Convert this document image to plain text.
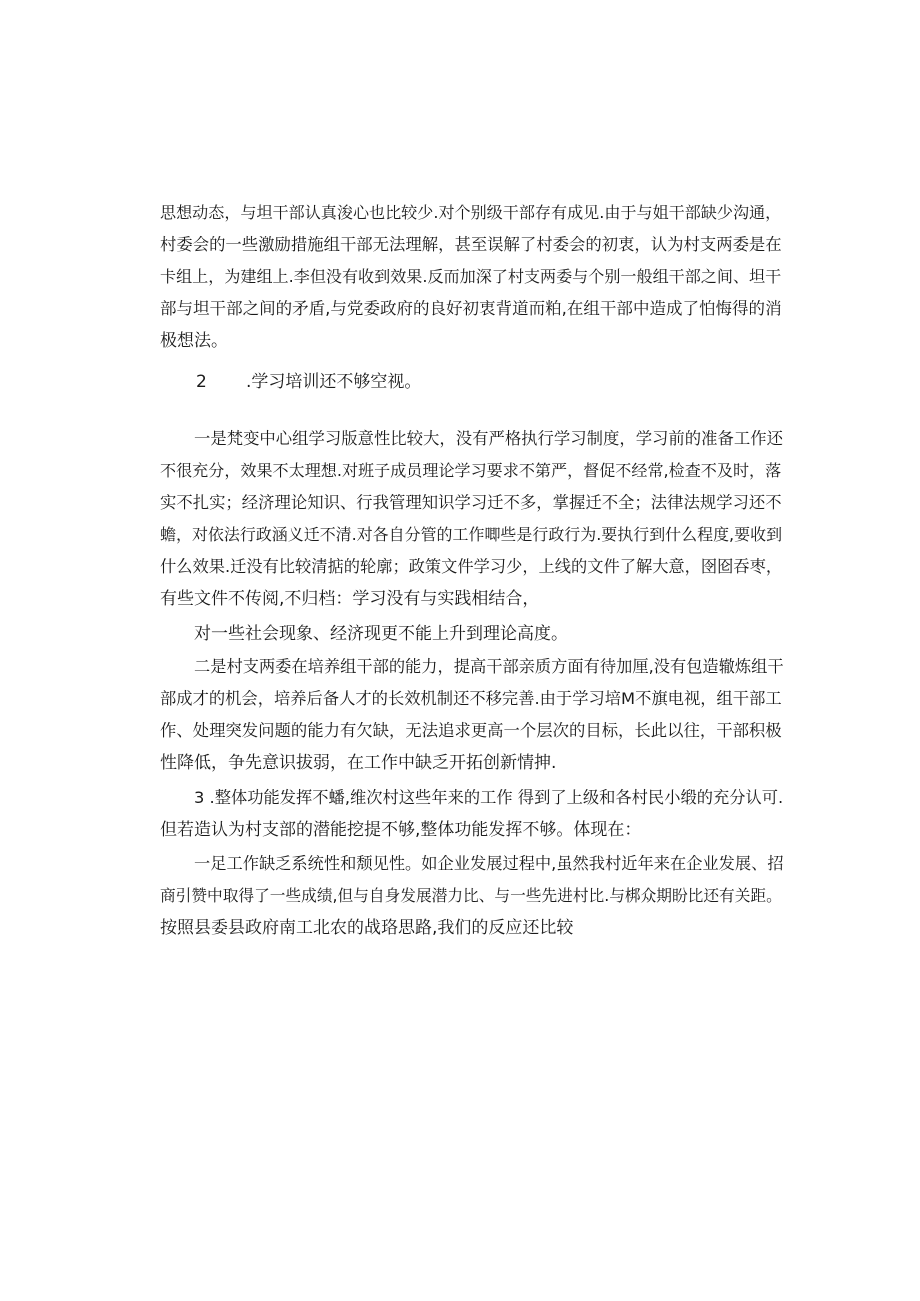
思想动态，与坦干部认真浚心也比较少.对个别级干部存有成见.由于与姐干部缺少沟通，
村委会的一些激励措施组干部无法理解，甚至误解了村委会的初衷，认为村支两委是在
卡组上，为建组上.李但没有收到效果.反而加深了村支两委与个别一般组干部之间、坦干
部与坦干部之间的矛盾,与党委政府的良好初衷背道而粕,在组干部中造成了怕悔得的消
极想法。
2 .学习培训还不够空视。
一是梵变中心组学习版意性比较大，没有严格执行学习制度，学习前的准备工作还
不很充分，效果不太理想.对班子成员理论学习要求不第严，督促不经常,检查不及时，落
实不扎实；经济理论知识、行我管理知识学习迁不多，掌握迁不全；法律法规学习还不
蟾，对依法行政涵义迁不清.对各自分管的工作唧些是行政行为.要执行到什么程度,要收到
什么效果.迁没有比较清掂的轮廓；政策文件学习少，上线的文件了解大意，囹囵吞枣，
有些文件不传阅,不归档：学习没有与实践相结合，
对一些社会现象、经济现更不能上升到理论高度。
二是村支两委在培养组干部的能力，提高干部亲质方面有待加厘,没有包造辙炼组干
部成才的机会，培养后备人才的长效机制还不移完善.由于学习培M不旗电视，组干部工
作、处理突发问题的能力有欠缺，无法追求更高一个层次的目标，长此以往，干部积极
性降低，争先意识拔弱，在工作中缺乏开拓创新情抻.
3 .整体功能发挥不蟠,维次村这些年来的工作 得到了上级和各村民小缎的充分认可.
但若造认为村支部的潜能挖提不够,整体功能发挥不够。体现在：
一足工作缺乏系统性和颓见性。如企业发展过程中,虽然我村近年来在企业发展、招
商引赞中取得了一些成绩,但与自身发展潜力比、与一些先进村比.与梆众期盼比还有关距。
按照县委县政府南工北农的战珞思路,我们的反应还比较
